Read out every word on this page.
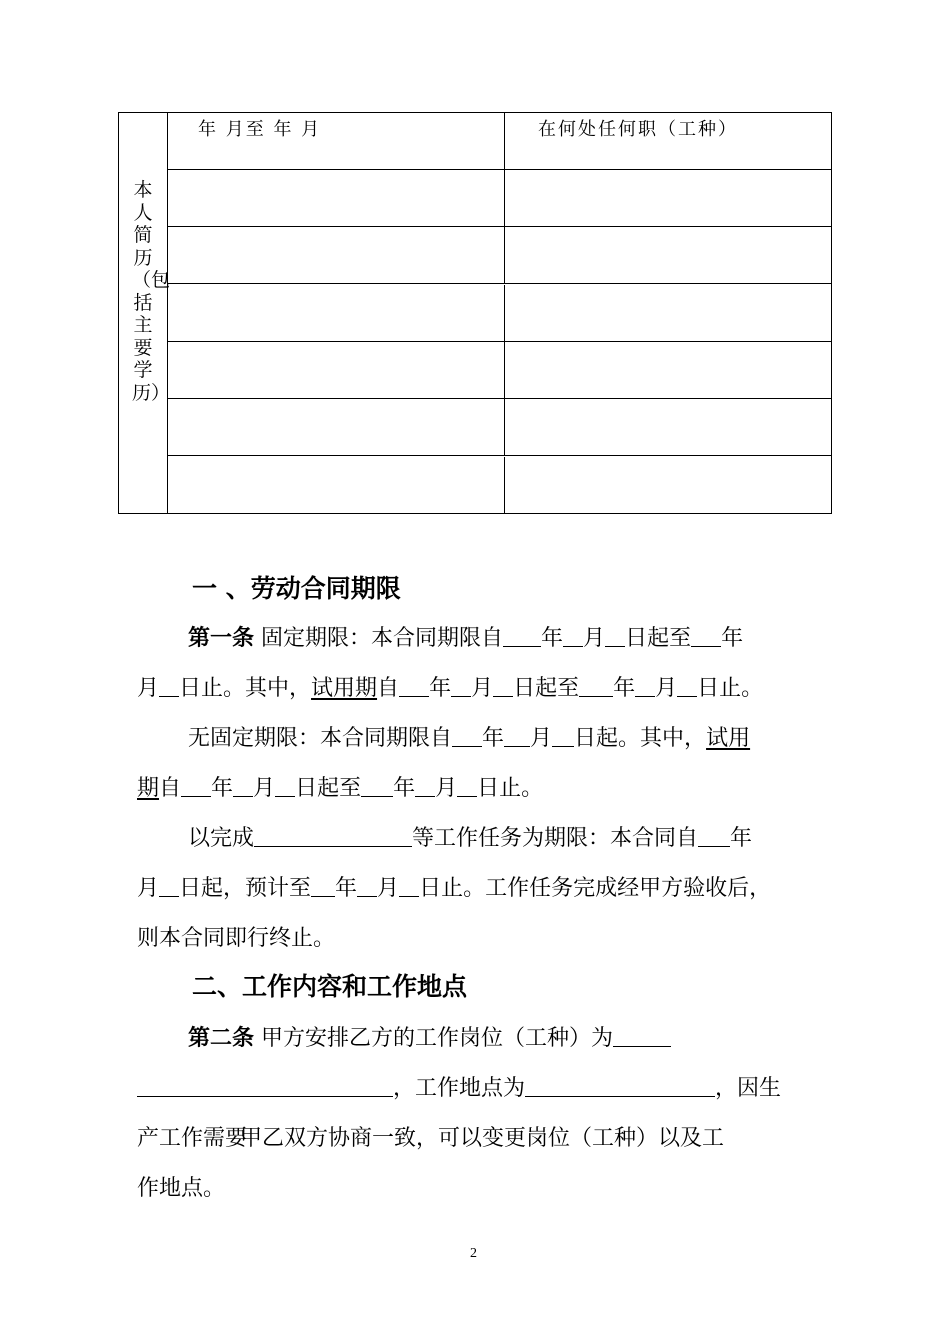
本人简历（包括主要学历）
年 月至 年 月	在何处任何职（工种）
一 、劳动合同期限
第一条 固定期限：本合同期限自 年 月 日起至 年
月 日止。其中，试用期自 年 月 日起至 年 月 日止。
无固定期限：本合同期限自 年 月 日起。其中，试用
期自 年 月 日起至 年 月 日止。
以完成	等工作任务为期限：本合同自 年
月 日起，预计至 年 月 日止。工作任务完成经甲方验收后，
则本合同即行终止。
二、工作内容和工作地点
第二条 甲方安排乙方的工作岗位（工种）为
，工作地点为	，因生
产工作需要
甲乙双方协商一致，可以变更岗位（工种）以及工
作地点。
2
